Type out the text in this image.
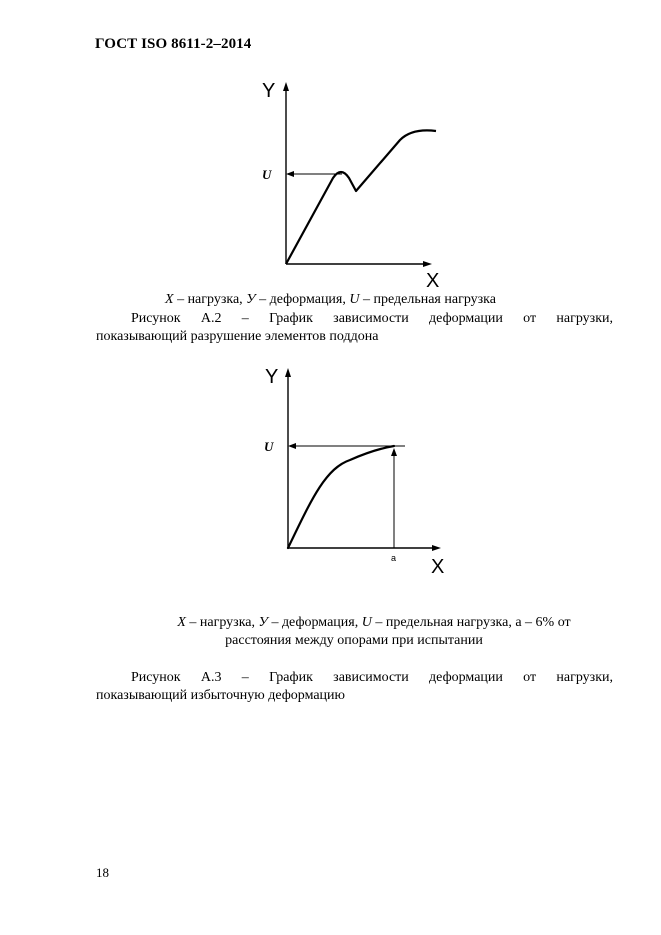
ГОСТ ISO 8611-2–2014
Y
X
U
X – нагрузка, У – деформация, U – предельная нагрузка
Рисунок А.2 – График зависимости деформации от нагрузки,
показывающий разрушение элементов поддона
Y
X
U
a
X – нагрузка, У – деформация, U – предельная нагрузка, а – 6% от
расстояния между опорами при испытании
Рисунок А.3 – График зависимости деформации от нагрузки,
показывающий избыточную деформацию
18
